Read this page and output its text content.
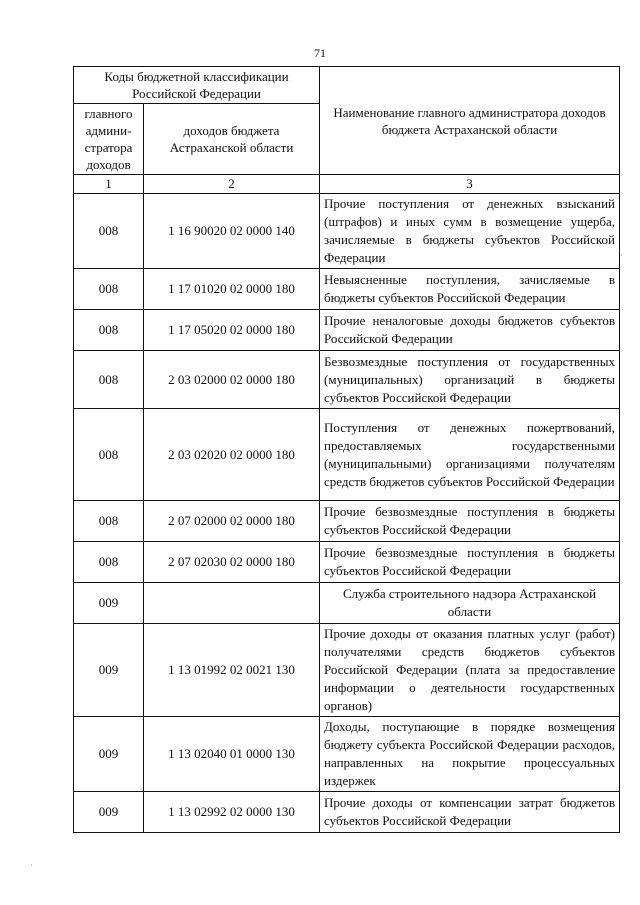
71
Коды бюджетной классификации Российской Федерации		Наименование главного администратора доходов бюджета Астраханской области
главного админи-стратора доходов	доходов бюджета Астраханской области	
1	2	3
008	1 16 90020 02 0000 140	Прочие поступления от денежных взысканий (штрафов) и иных сумм в возмещение ущерба, зачисляемые в бюджеты субъектов Российской Федерации
008	1 17 01020 02 0000 180	Невыясненные поступления, зачисляемые в бюджеты субъектов Российской Федерации
008	1 17 05020 02 0000 180	Прочие неналоговые доходы бюджетов субъектов Российской Федерации
008	2 03 02000 02 0000 180	Безвозмездные поступления от государственных (муниципальных) организаций в бюджеты субъектов Российской Федерации
008	2 03 02020 02 0000 180	Поступления от денежных пожертвований, предоставляемых государственными (муниципальными) организациями получателям средств бюджетов субъектов Российской Федерации
008	2 07 02000 02 0000 180	Прочие безвозмездные поступления в бюджеты субъектов Российской Федерации
008	2 07 02030 02 0000 180	Прочие безвозмездные поступления в бюджеты субъектов Российской Федерации
009		Служба строительного надзора Астраханской области
009	1 13 01992 02 0021 130	Прочие доходы от оказания платных услуг (работ) получателями средств бюджетов субъектов Российской Федерации (плата за предоставление информации о деятельности государственных органов)
009	1 13 02040 01 0000 130	Доходы, поступающие в порядке возмещения бюджету субъекта Российской Федерации расходов, направленных на покрытие процессуальных издержек
009	1 13 02992 02 0000 130	Прочие доходы от компенсации затрат бюджетов субъектов Российской Федерации
·
·
